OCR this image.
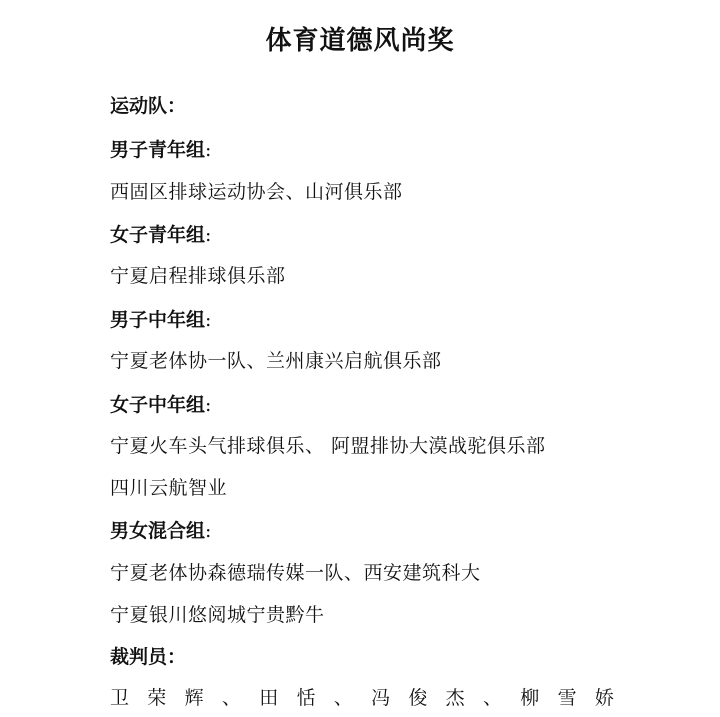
体育道德风尚奖
运动队：
男子青年组:
西固区排球运动协会、山河俱乐部
女子青年组:
宁夏启程排球俱乐部
男子中年组:
宁夏老体协一队、兰州康兴启航俱乐部
女子中年组:
宁夏火车头气排球俱乐、 阿盟排协大漠战驼俱乐部
四川云航智业
男女混合组:
宁夏老体协森德瑞传媒一队、西安建筑科大
宁夏银川悠阅城宁贵黔牛
裁判员：
卫 荣 辉 、 田 恬 、 冯 俊 杰 、 柳 雪 娇
